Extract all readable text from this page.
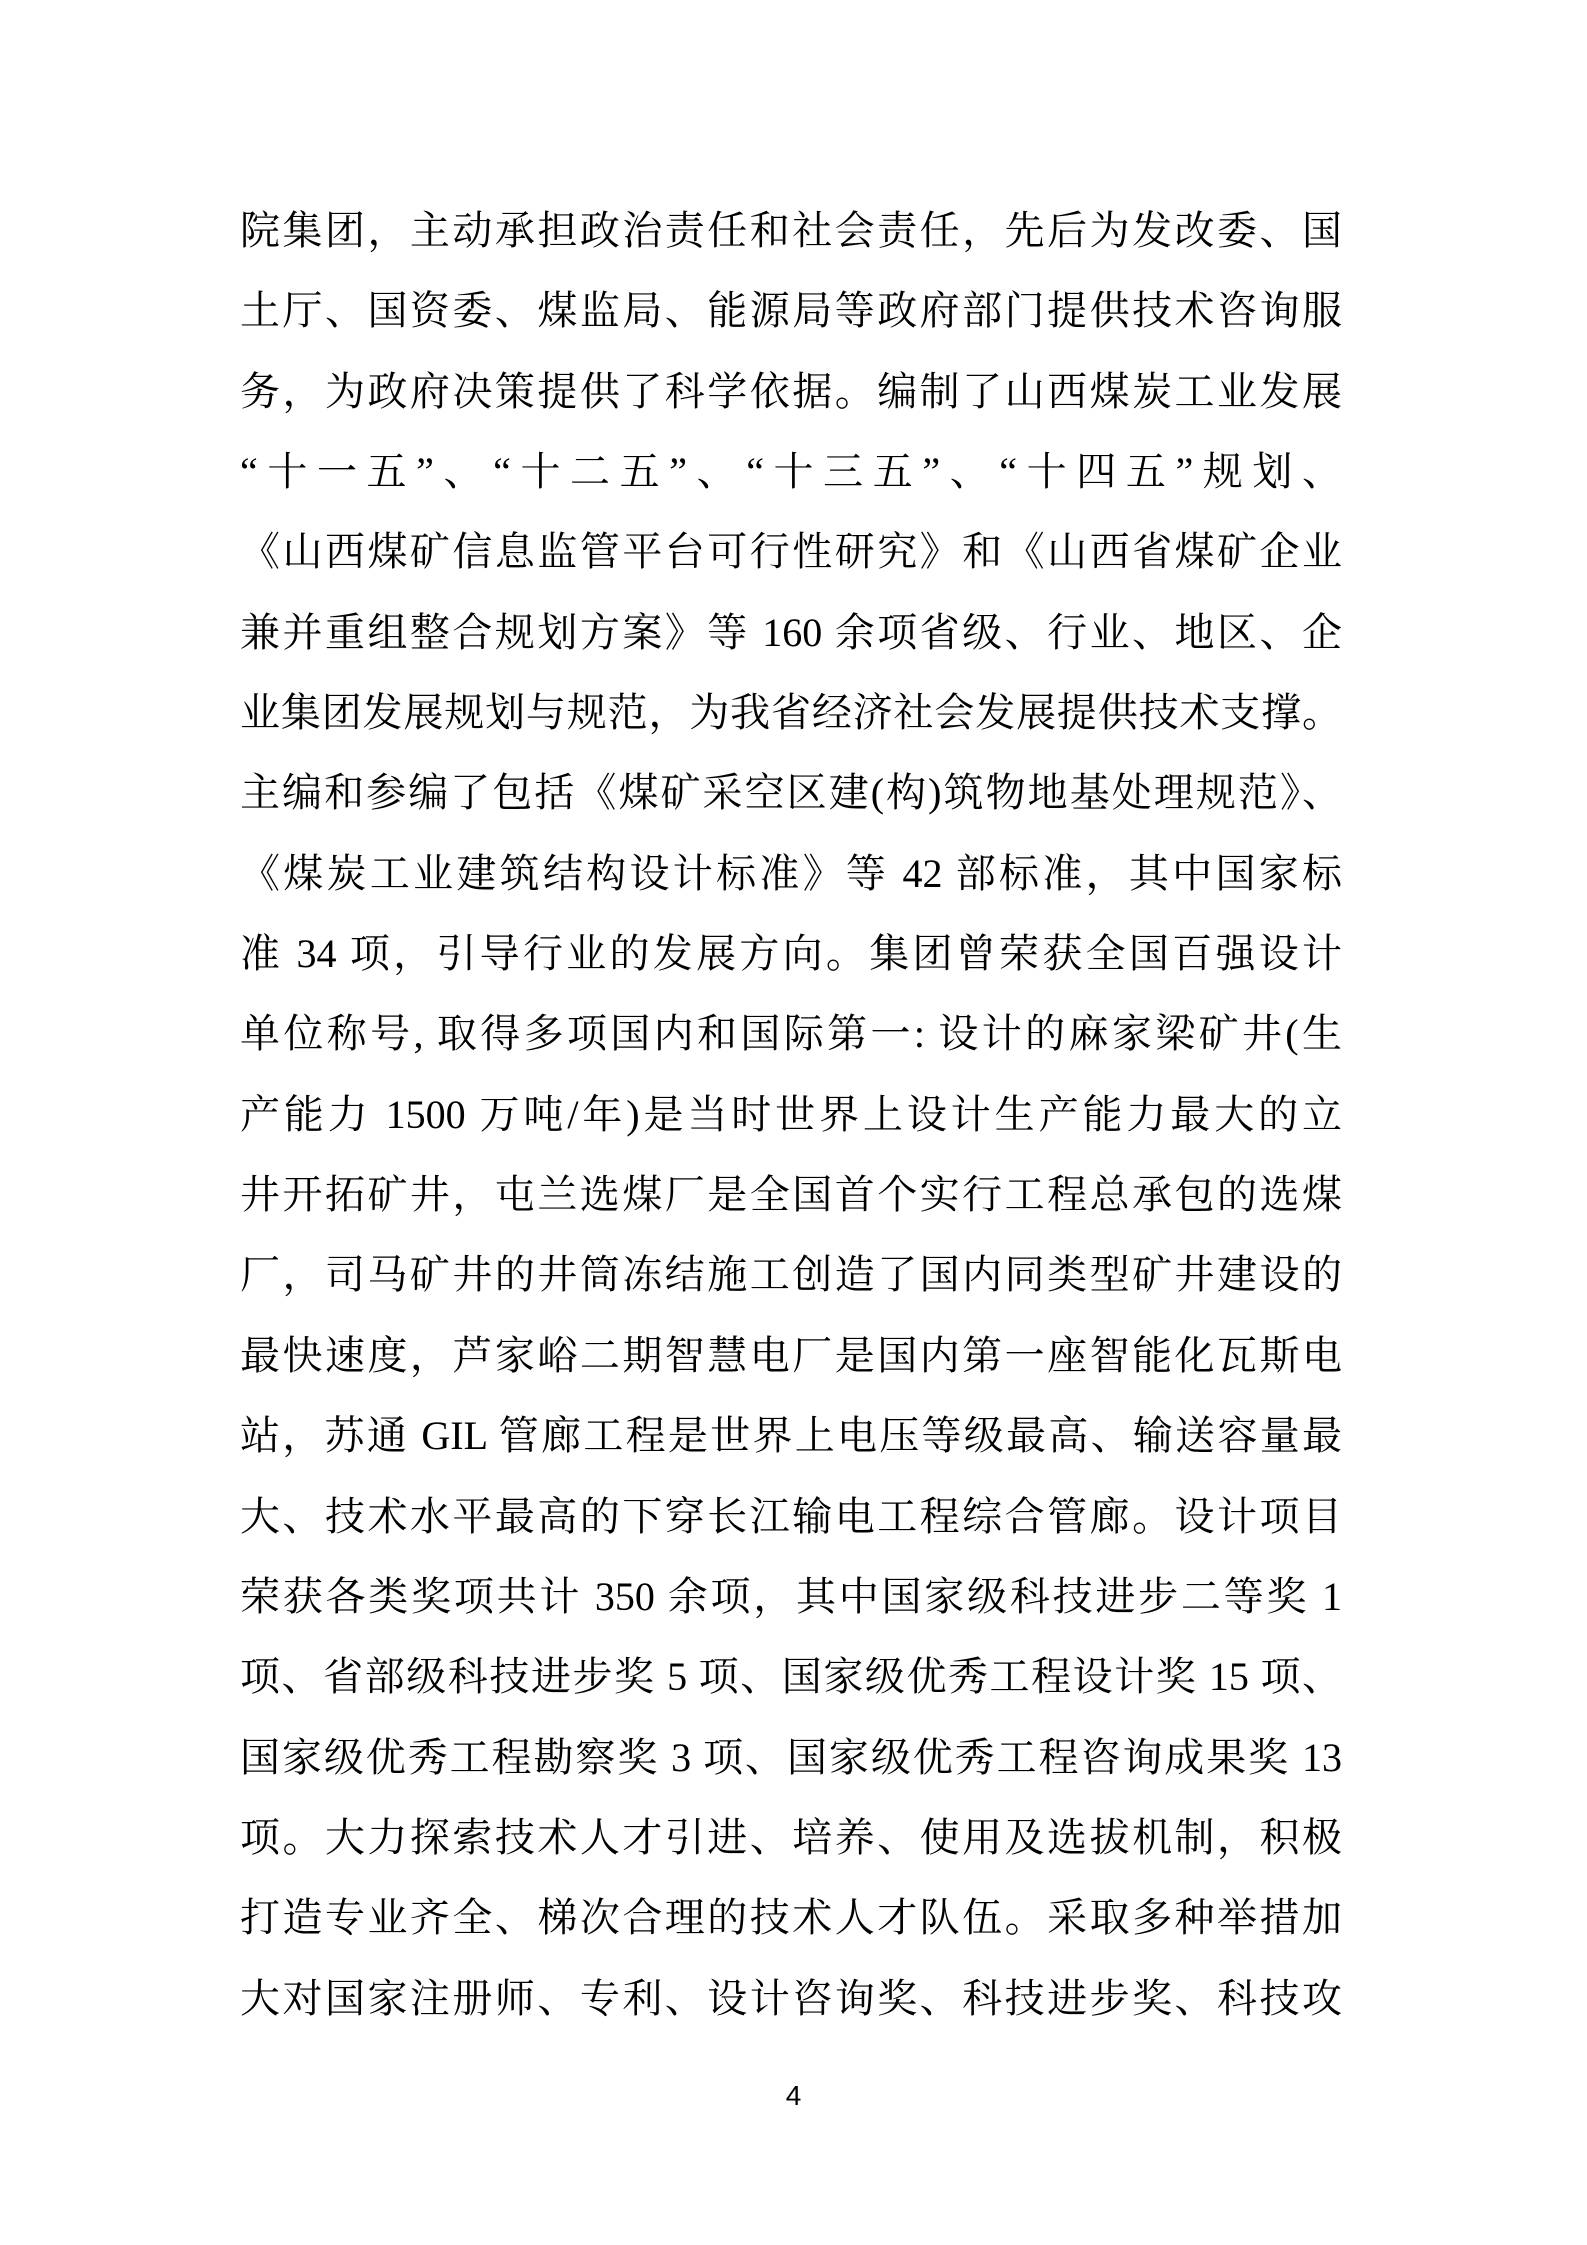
院集团，主动承担政治责任和社会责任，先后为发改委、国
土厅、国资委、煤监局、能源局等政府部门提供技术咨询服
务，为政府决策提供了科学依据。编制了山西煤炭工业发展
“十一五”、“十二五”、“十三五”、“十四五”规划、
《山西煤矿信息监管平台可行性研究》和《山西省煤矿企业
兼并重组整合规划方案》等 160 余项省级、行业、地区、企
业集团发展规划与规范，为我省经济社会发展提供技术支撑。
主编和参编了包括《煤矿采空区建(构)筑物地基处理规范》、
《煤炭工业建筑结构设计标准》等 42 部标准，其中国家标
准 34 项，引导行业的发展方向。集团曾荣获全国百强设计
单位称号, 取得多项国内和国际第一: 设计的麻家梁矿井(生
产能力 1500 万吨/年)是当时世界上设计生产能力最大的立
井开拓矿井，屯兰选煤厂是全国首个实行工程总承包的选煤
厂，司马矿井的井筒冻结施工创造了国内同类型矿井建设的
最快速度，芦家峪二期智慧电厂是国内第一座智能化瓦斯电
站，苏通 GIL 管廊工程是世界上电压等级最高、输送容量最
大、技术水平最高的下穿长江输电工程综合管廊。设计项目
荣获各类奖项共计 350 余项，其中国家级科技进步二等奖 1
项、省部级科技进步奖 5 项、国家级优秀工程设计奖 15 项、
国家级优秀工程勘察奖 3 项、国家级优秀工程咨询成果奖 13
项。大力探索技术人才引进、培养、使用及选拔机制，积极
打造专业齐全、梯次合理的技术人才队伍。采取多种举措加
大对国家注册师、专利、设计咨询奖、科技进步奖、科技攻
4
